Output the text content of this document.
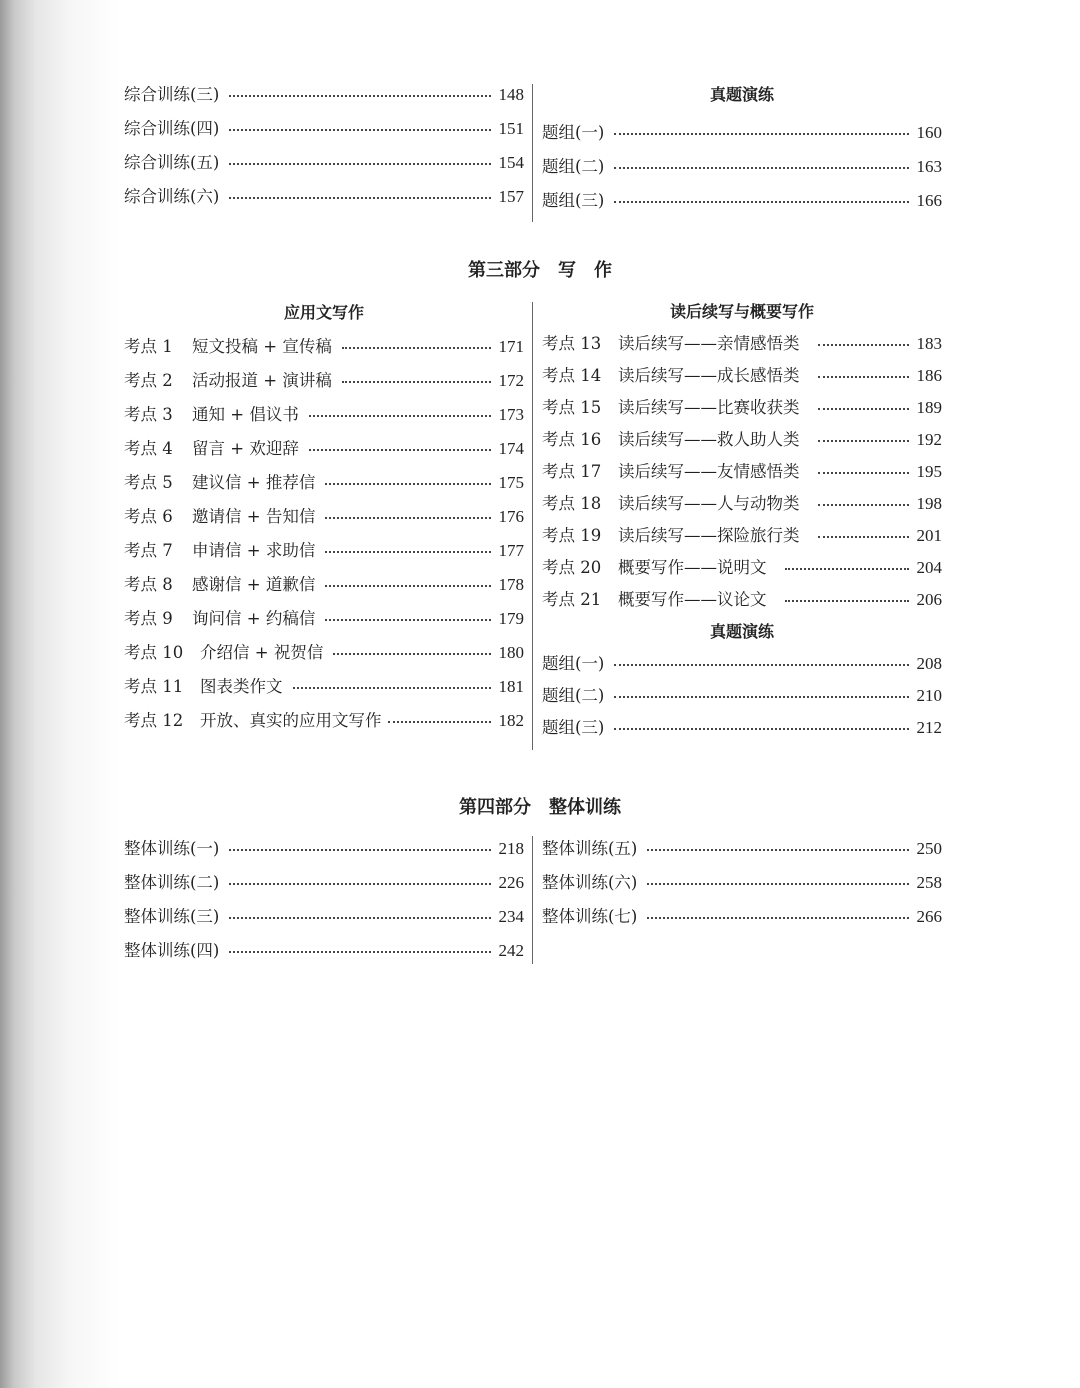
综合训练(三)	148
综合训练(四)	151
综合训练(五)	154
综合训练(六)	157
真题演练
题组(一)	160
题组(二)	163
题组(三)	166
第三部分　写　作
应用文写作
考点 1	短文投稿 + 宣传稿	171
考点 2	活动报道 + 演讲稿	172
考点 3	通知 + 倡议书	173
考点 4	留言 + 欢迎辞	174
考点 5	建议信 + 推荐信	175
考点 6	邀请信 + 告知信	176
考点 7	申请信 + 求助信	177
考点 8	感谢信 + 道歉信	178
考点 9	询问信 + 约稿信	179
考点 10	介绍信 + 祝贺信	180
考点 11	图表类作文	181
考点 12	开放、真实的应用文写作	182
读后续写与概要写作
考点 13	读后续写——亲情感悟类	183
考点 14	读后续写——成长感悟类	186
考点 15	读后续写——比赛收获类	189
考点 16	读后续写——救人助人类	192
考点 17	读后续写——友情感悟类	195
考点 18	读后续写——人与动物类	198
考点 19	读后续写——探险旅行类	201
考点 20	概要写作——说明文	204
考点 21	概要写作——议论文	206
真题演练
题组(一)	208
题组(二)	210
题组(三)	212
第四部分　整体训练
整体训练(一)	218
整体训练(二)	226
整体训练(三)	234
整体训练(四)	242
整体训练(五)	250
整体训练(六)	258
整体训练(七)	266
